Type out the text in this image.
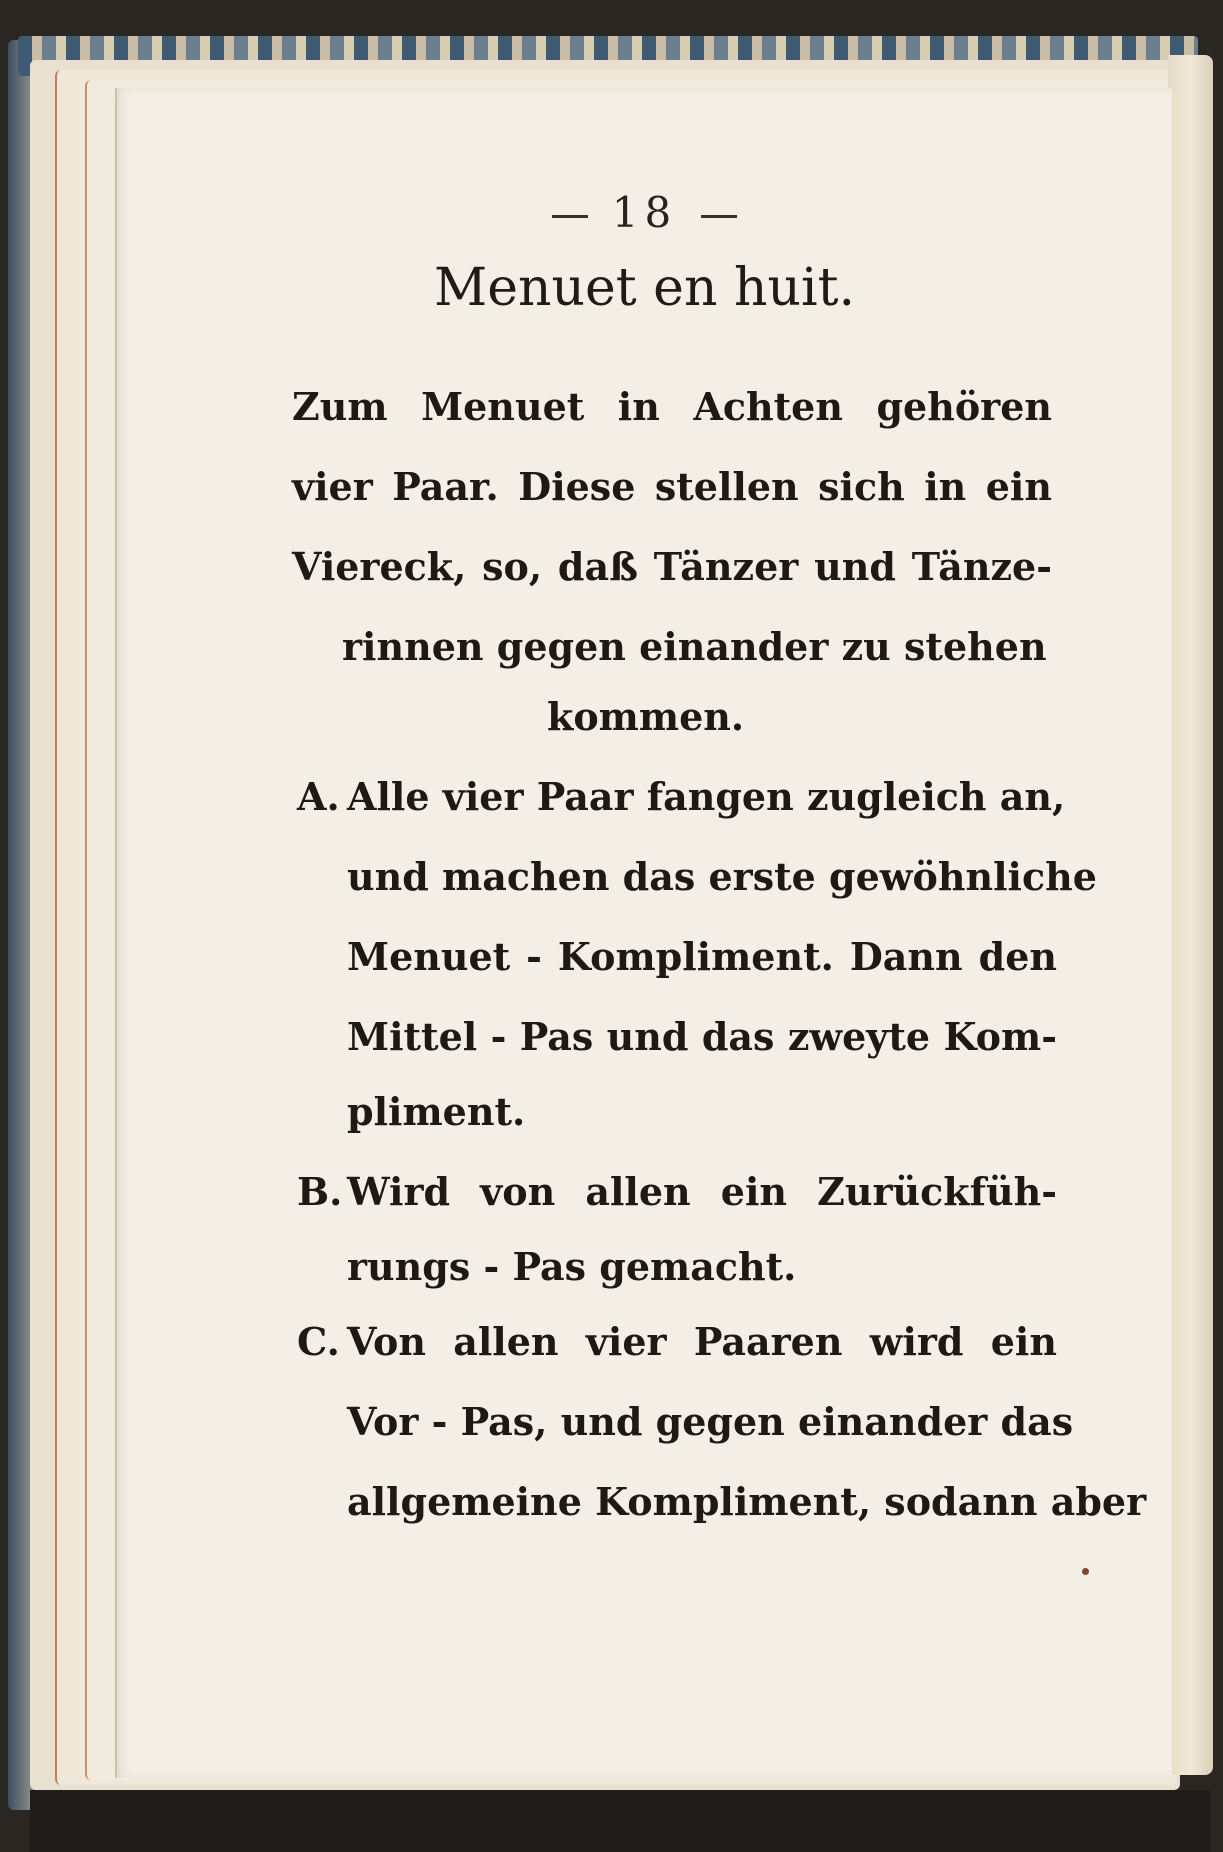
18
Menuet en huit.
Zum Menuet in Achten gehören
vier Paar. Diese stellen sich in ein
Viereck, so, daß Tänzer und Tänze-
rinnen gegen einander zu stehen
kommen.
A. Alle vier Paar fangen zugleich an,
und machen das erste gewöhnliche
Menuet - Kompliment. Dann den
Mittel - Pas und das zweyte Kom-
pliment.
B. Wird von allen ein Zurückfüh-
rungs - Pas gemacht.
C. Von allen vier Paaren wird ein
Vor - Pas, und gegen einander das
allgemeine Kompliment, sodann aber
